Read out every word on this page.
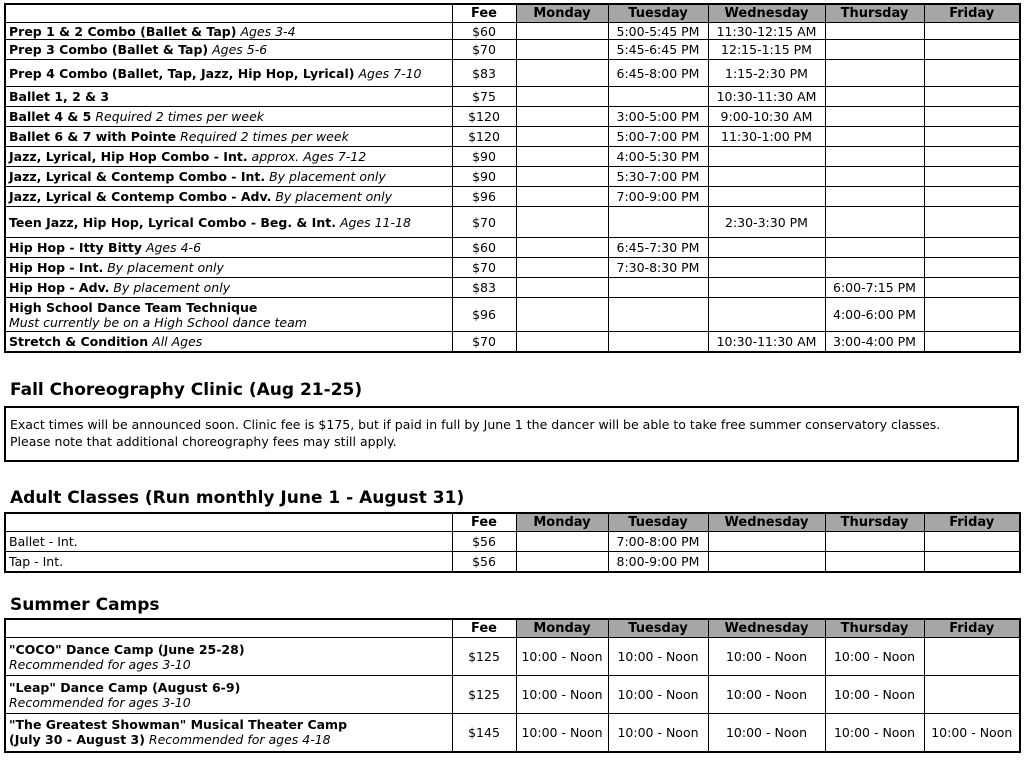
	Fee	Monday	Tuesday	Wednesday	Thursday	Friday
Prep 1 & 2 Combo (Ballet & Tap) Ages 3-4	$60		5:00-5:45 PM	11:30-12:15 AM		
Prep 3 Combo (Ballet & Tap) Ages 5-6	$70		5:45-6:45 PM	12:15-1:15 PM		
Prep 4 Combo (Ballet, Tap, Jazz, Hip Hop, Lyrical) Ages 7-10	$83		6:45-8:00 PM	1:15-2:30 PM		
Ballet 1, 2 & 3	$75			10:30-11:30 AM		
Ballet 4 & 5 Required 2 times per week	$120		3:00-5:00 PM	9:00-10:30 AM		
Ballet 6 & 7 with Pointe Required 2 times per week	$120		5:00-7:00 PM	11:30-1:00 PM		
Jazz, Lyrical, Hip Hop Combo - Int. approx. Ages 7-12	$90		4:00-5:30 PM			
Jazz, Lyrical & Contemp Combo - Int. By placement only	$90		5:30-7:00 PM			
Jazz, Lyrical & Contemp Combo - Adv. By placement only	$96		7:00-9:00 PM			
Teen Jazz, Hip Hop, Lyrical Combo - Beg. & Int. Ages 11-18	$70			2:30-3:30 PM		
Hip Hop - Itty Bitty Ages 4-6	$60		6:45-7:30 PM			
Hip Hop - Int. By placement only	$70		7:30-8:30 PM			
Hip Hop - Adv. By placement only	$83				6:00-7:15 PM	
High School Dance Team Technique
Must currently be on a High School dance team	$96				4:00-6:00 PM	
Stretch & Condition All Ages	$70			10:30-11:30 AM	3:00-4:00 PM	
Fall Choreography Clinic (Aug 21-25)
Exact times will be announced soon. Clinic fee is $175, but if paid in full by June 1 the dancer will be able to take free summer conservatory classes.
Please note that additional choreography fees may still apply.
Adult Classes (Run monthly June 1 - August 31)
	Fee	Monday	Tuesday	Wednesday	Thursday	Friday
Ballet - Int.	$56		7:00-8:00 PM			
Tap - Int.	$56		8:00-9:00 PM			
Summer Camps
	Fee	Monday	Tuesday	Wednesday	Thursday	Friday
"COCO" Dance Camp (June 25-28)
Recommended for ages 3-10	$125	10:00 - Noon	10:00 - Noon	10:00 - Noon	10:00 - Noon	
"Leap" Dance Camp (August 6-9)
Recommended for ages 3-10	$125	10:00 - Noon	10:00 - Noon	10:00 - Noon	10:00 - Noon	
"The Greatest Showman" Musical Theater Camp
(July 30 - August 3) Recommended for ages 4-18	$145	10:00 - Noon	10:00 - Noon	10:00 - Noon	10:00 - Noon	10:00 - Noon
